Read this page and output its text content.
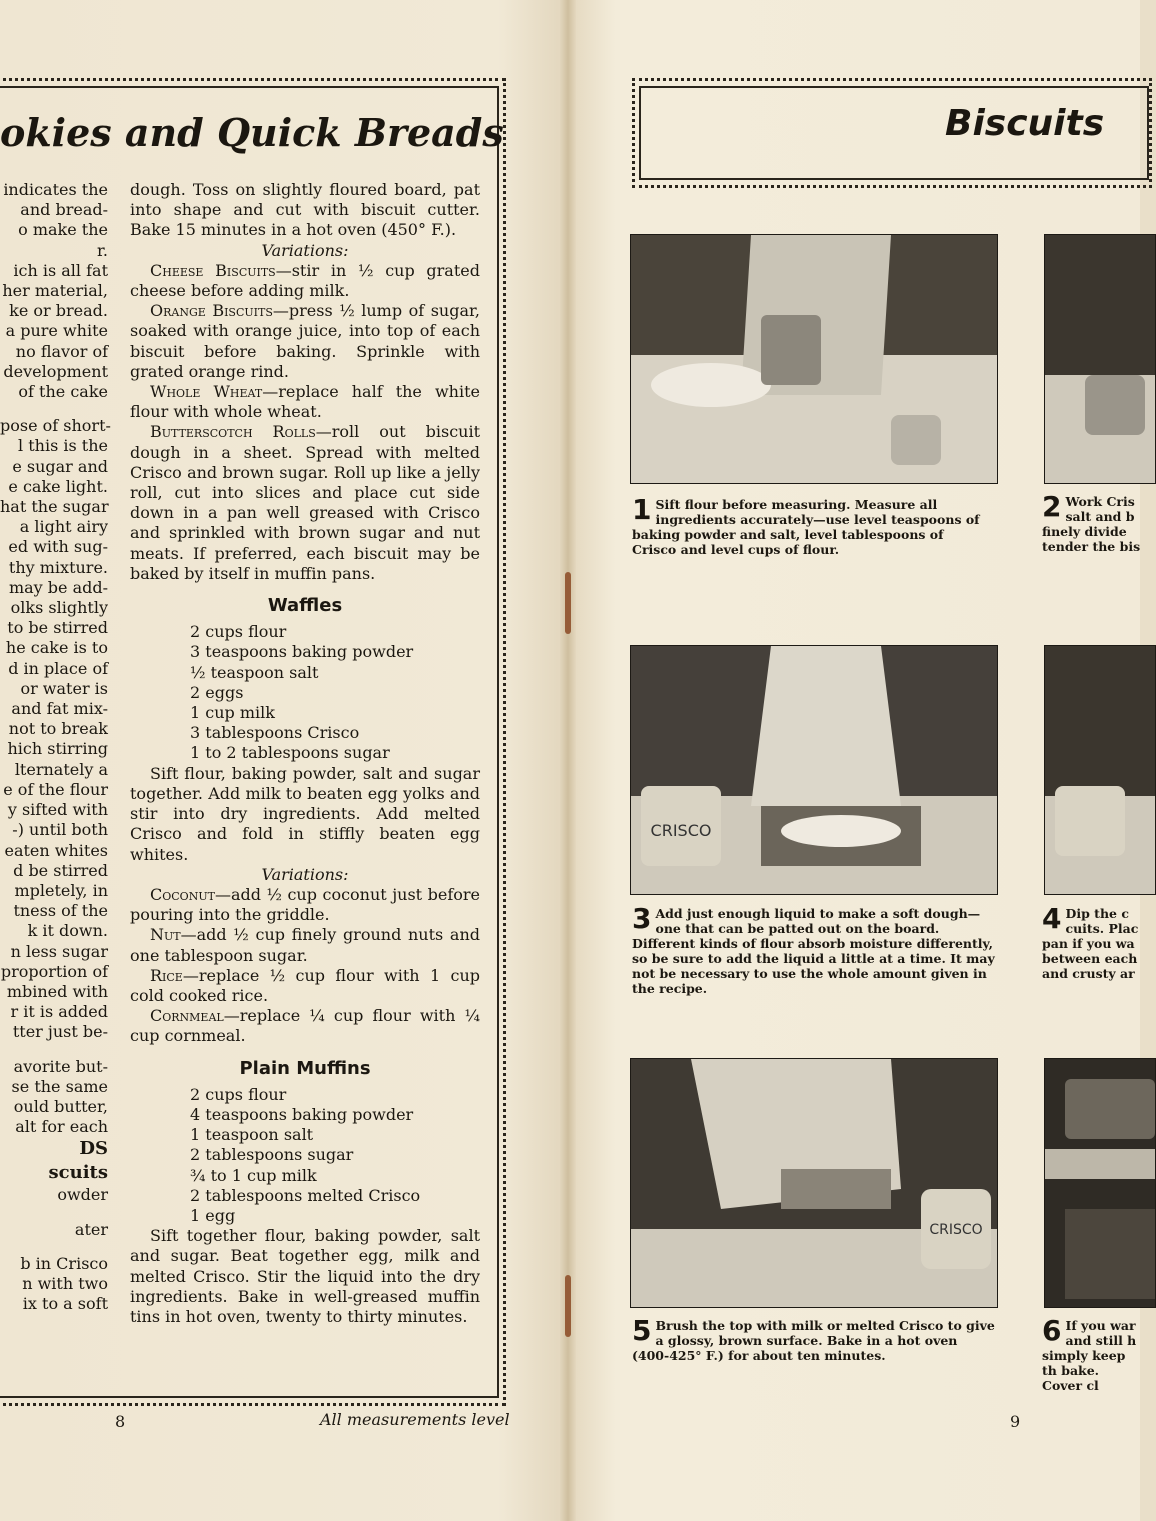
okies and Quick Breads
indicates the
and bread-
o make the
r.
ich is all fat
her material,
ke or bread.
a pure white
no flavor of
development
of the cake
pose of short-
l this is the
e sugar and
e cake light.
hat the sugar
a light airy
ed with sug-
thy mixture.
may be add-
olks slightly
to be stirred
he cake is to
d in place of
or water is
and fat mix-
not to break
hich stirring
lternately a
e of the flour
y sifted with
-) until both
eaten whites
d be stirred
mpletely, in
tness of the
k it down.
n less sugar
proportion of
mbined with
r it is added
tter just be-
avorite but-
se the same
ould butter,
alt for each
DS
scuits
owder
ater
b in Crisco
n with two
ix to a soft

dough. Toss on slightly floured board, pat into shape and cut with biscuit cutter. Bake 15 minutes in a hot oven (450° F.).

Variations:

Cheese Biscuits—stir in ½ cup grated cheese before adding milk.

Orange Biscuits—press ½ lump of sugar, soaked with orange juice, into top of each biscuit before baking. Sprinkle with grated orange rind.

Whole Wheat—replace half the white flour with whole wheat.

Butterscotch Rolls—roll out biscuit dough in a sheet. Spread with melted Crisco and brown sugar. Roll up like a jelly roll, cut into slices and place cut side down in a pan well greased with Crisco and sprinkled with brown sugar and nut meats. If preferred, each biscuit may be baked by itself in muffin pans.

Waffles
2 cups flour
3 teaspoons baking powder
½ teaspoon salt
2 eggs
1 cup milk
3 tablespoons Crisco
1 to 2 tablespoons sugar

Sift flour, baking powder, salt and sugar together. Add milk to beaten egg yolks and stir into dry ingredients. Add melted Crisco and fold in stiffly beaten egg whites.

Variations:

Coconut—add ½ cup coconut just before pouring into the griddle.

Nut—add ½ cup finely ground nuts and one tablespoon sugar.

Rice—replace ½ cup flour with 1 cup cold cooked rice.

Cornmeal—replace ¼ cup flour with ¼ cup cornmeal.

Plain Muffins
2 cups flour
4 teaspoons baking powder
1 teaspoon salt
2 tablespoons sugar
¾ to 1 cup milk
2 tablespoons melted Crisco
1 egg

Sift together flour, baking powder, salt and sugar. Beat together egg, milk and melted Crisco. Stir the liquid into the dry ingredients. Bake in well-greased muffin tins in hot oven, twenty to thirty minutes.

8	All measurements level
Biscuits
1 Sift flour before measuring. Measure all ingredients accurately—use level teaspoons of baking powder and salt, level tablespoons of Crisco and level cups of flour.
2 Work Cris salt and b finely divide tender the bis
CRISCO
3 Add just enough liquid to make a soft dough—one that can be patted out on the board. Different kinds of flour absorb moisture differently, so be sure to add the liquid a little at a time. It may not be necessary to use the whole amount given in the recipe.
4 Dip the c cuits. Plac pan if you wa between each and crusty ar
CRISCO
5 Brush the top with milk or melted Crisco to give a glossy, brown surface. Bake in a hot oven (400-425° F.) for about ten minutes.
6 If you war and still h simply keep th bake. Cover cl
9
